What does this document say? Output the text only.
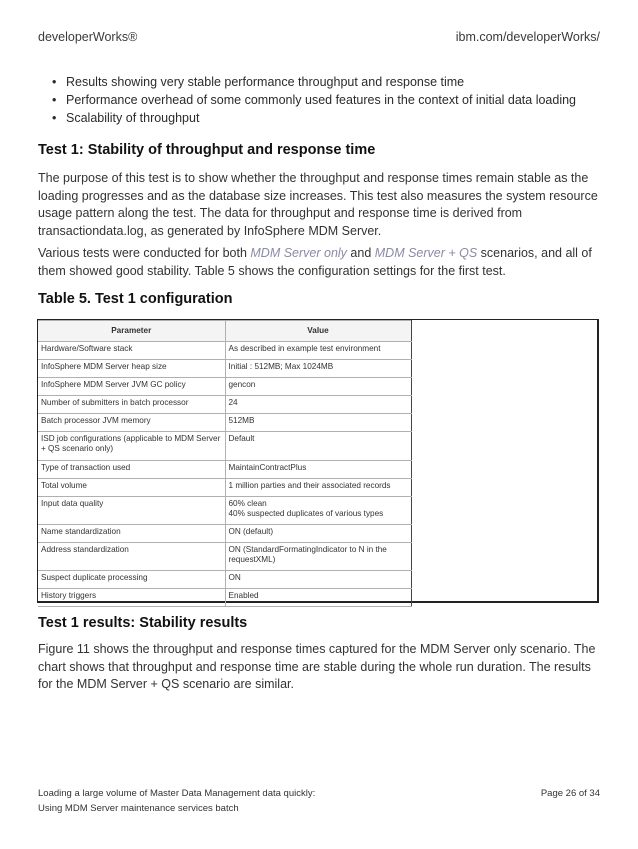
developerWorks®	ibm.com/developerWorks/
• Results showing very stable performance throughput and response time
• Performance overhead of some commonly used features in the context of initial data loading
• Scalability of throughput
Test 1: Stability of throughput and response time

The purpose of this test is to show whether the throughput and response times remain stable as the loading progresses and as the database size increases. This test also measures the system resource usage pattern along the test. The data for throughput and response time is derived from transactiondata.log, as generated by InfoSphere MDM Server.

Various tests were conducted for both MDM Server only and MDM Server + QS scenarios, and all of them showed good stability. Table 5 shows the configuration settings for the first test.

Table 5. Test 1 configuration
Parameter	Value
Hardware/Software stack	As described in example test environment
InfoSphere MDM Server heap size	Initial : 512MB; Max 1024MB
InfoSphere MDM Server JVM GC policy	gencon
Number of submitters in batch processor	24
Batch processor JVM memory	512MB
ISD job configurations (applicable to MDM Server + QS scenario only)	Default
Type of transaction used	MaintainContractPlus
Total volume	1 million parties and their associated records
Input data quality	60% clean
40% suspected duplicates of various types
Name standardization	ON (default)
Address standardization	ON (StandardFormatingIndicator to N in the requestXML)
Suspect duplicate processing	ON
History triggers	Enabled
Test 1 results: Stability results

Figure 11 shows the throughput and response times captured for the MDM Server only scenario. The chart shows that throughput and response time are stable during the whole run duration. The results for the MDM Server + QS scenario are similar.

Loading a large volume of Master Data Management data quickly: Using MDM Server maintenance services batch
Page 26 of 34
